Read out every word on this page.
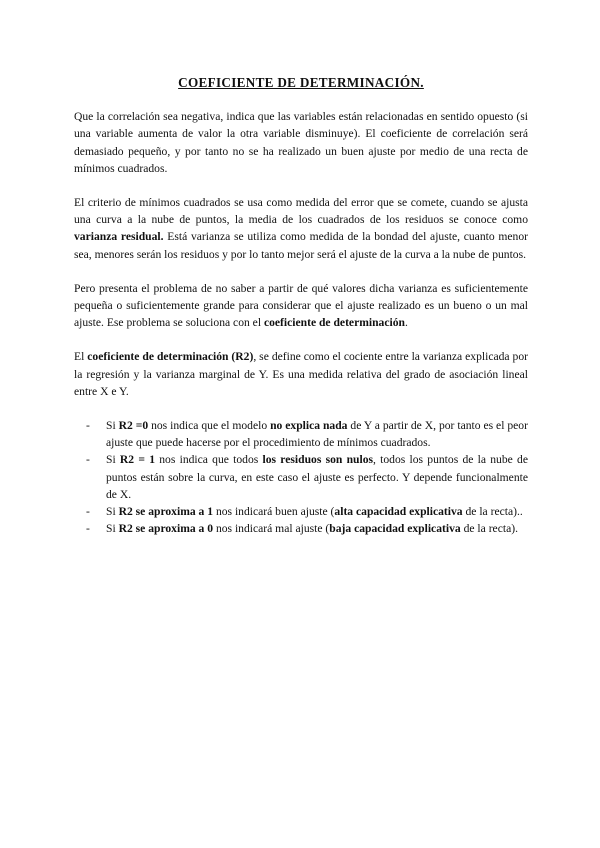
COEFICIENTE DE DETERMINACIÓN.

Que la correlación sea negativa, indica que las variables están relacionadas en sentido opuesto (si una variable aumenta de valor la otra variable disminuye). El coeficiente de correlación será demasiado pequeño, y por tanto no se ha realizado un buen ajuste por medio de una recta de mínimos cuadrados.

El criterio de mínimos cuadrados se usa como medida del error que se comete, cuando se ajusta una curva a la nube de puntos, la media de los cuadrados de los residuos se conoce como varianza residual. Está varianza se utiliza como medida de la bondad del ajuste, cuanto menor sea, menores serán los residuos y por lo tanto mejor será el ajuste de la curva a la nube de puntos.

Pero presenta el problema de no saber a partir de qué valores dicha varianza es suficientemente pequeña o suficientemente grande para considerar que el ajuste realizado es un bueno o un mal ajuste. Ese problema se soluciona con el coeficiente de determinación.

El coeficiente de determinación (R2), se define como el cociente entre la varianza explicada por la regresión y la varianza marginal de Y. Es una medida relativa del grado de asociación lineal entre X e Y.

- Si R2 =0 nos indica que el modelo no explica nada de Y a partir de X, por tanto es el peor ajuste que puede hacerse por el procedimiento de mínimos cuadrados.
- Si R2 = 1 nos indica que todos los residuos son nulos, todos los puntos de la nube de puntos están sobre la curva, en este caso el ajuste es perfecto. Y depende funcionalmente de X.
- Si R2 se aproxima a 1 nos indicará buen ajuste (alta capacidad explicativa de la recta)..
- Si R2 se aproxima a 0 nos indicará mal ajuste (baja capacidad explicativa de la recta).
